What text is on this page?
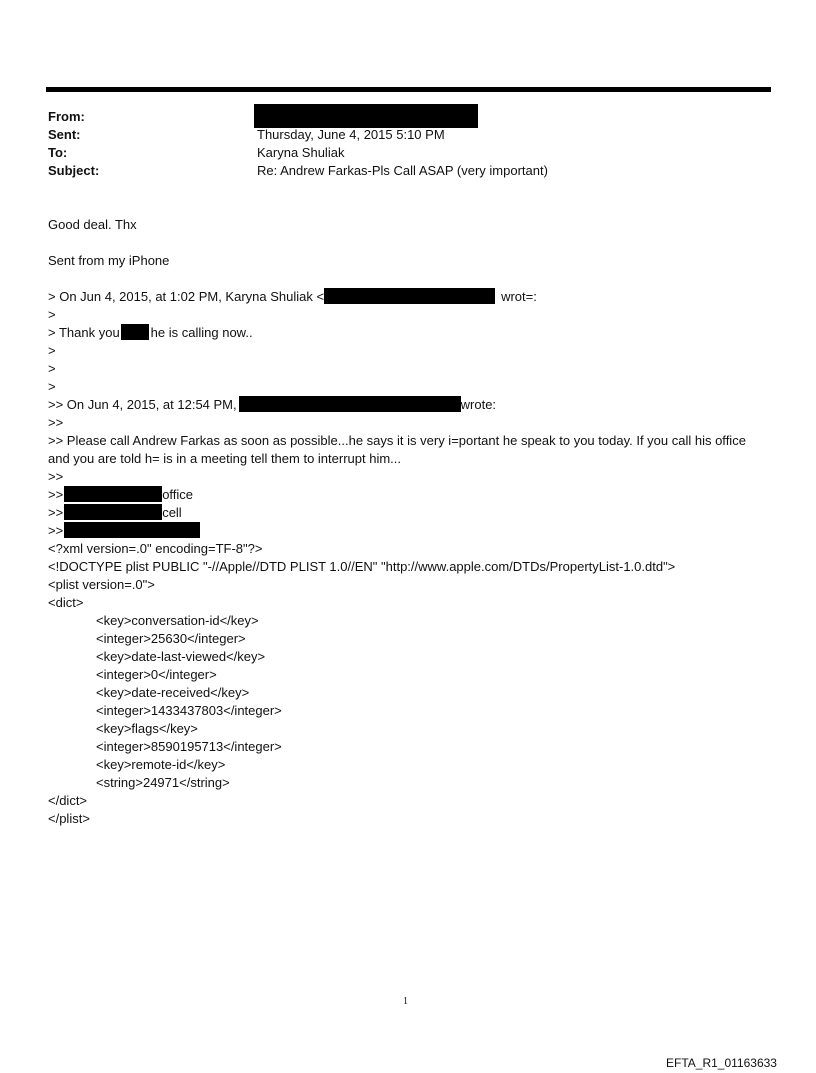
From:
Sent:	Thursday, June 4, 2015 5:10 PM
To:	Karyna Shuliak
Subject:	Re: Andrew Farkas-Pls Call ASAP (very important)
Good deal. Thx
Sent from my iPhone
> On Jun 4, 2015, at 1:02 PM, Karyna Shuliak <	wrot=:
>
> Thank you he is calling now..
>
>
>
>> On Jun 4, 2015, at 12:54 PM,	wrote:
>>
>> Please call Andrew Farkas as soon as possible...he says it is very i=portant he speak to you today. If you call his office and you are told h= is in a meeting tell them to interrupt him...
>>
>>	office
>>	cell
>>
<?xml version=.0" encoding=TF-8"?>
<!DOCTYPE plist PUBLIC "-//Apple//DTD PLIST 1.0//EN" "http://www.apple.com/DTDs/PropertyList-1.0.dtd">
<plist version=.0">
<dict>
<key>conversation-id</key>
<integer>25630</integer>
<key>date-last-viewed</key>
<integer>0</integer>
<key>date-received</key>
<integer>1433437803</integer>
<key>flags</key>
<integer>8590195713</integer>
<key>remote-id</key>
<string>24971</string>
</dict>
</plist>
1
EFTA_R1_01163633
